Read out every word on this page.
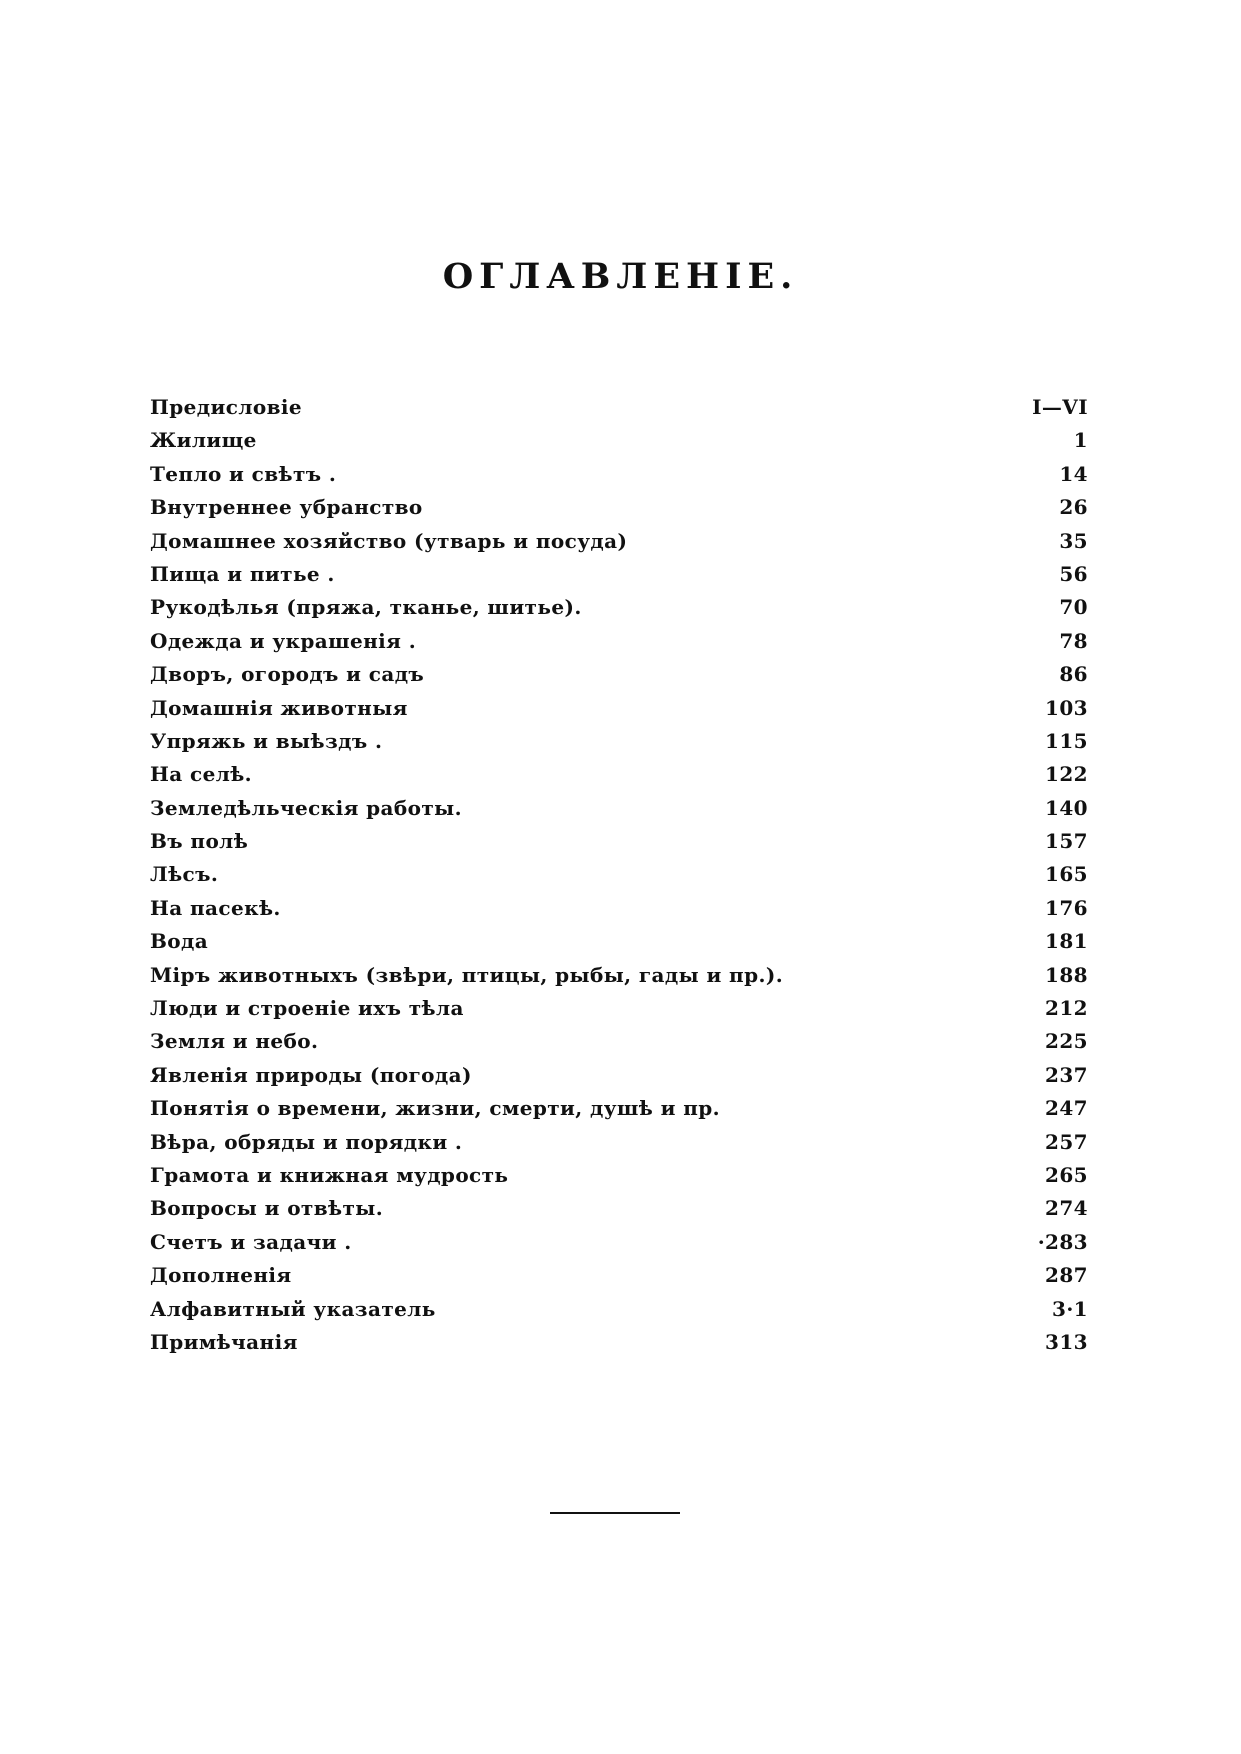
ОГЛАВЛЕНІЕ.
Предисловіе	I—VI
Жилище	1
Тепло и свѣтъ .	14
Внутреннее убранство	26
Домашнее хозяйство (утварь и посуда)	35
Пища и питье .	56
Рукодѣлья (пряжа, тканье, шитье).	70
Одежда и украшенія .	78
Дворъ, огородъ и садъ	86
Домашнія животныя	103
Упряжь и выѣздъ .	115
На селѣ.	122
Земледѣльческія работы.	140
Въ полѣ	157
Лѣсъ.	165
На пасекѣ.	176
Вода	181
Міръ животныхъ (звѣри, птицы, рыбы, гады и пр.).	188
Люди и строеніе ихъ тѣла	212
Земля и небо.	225
Явленія природы (погода)	237
Понятія о времени, жизни, смерти, душѣ и пр.	247
Вѣра, обряды и порядки .	257
Грамота и книжная мудрость	265
Вопросы и отвѣты.	274
Счетъ и задачи .	·283
Дополненія	287
Алфавитный указатель	3·1
Примѣчанія	313
